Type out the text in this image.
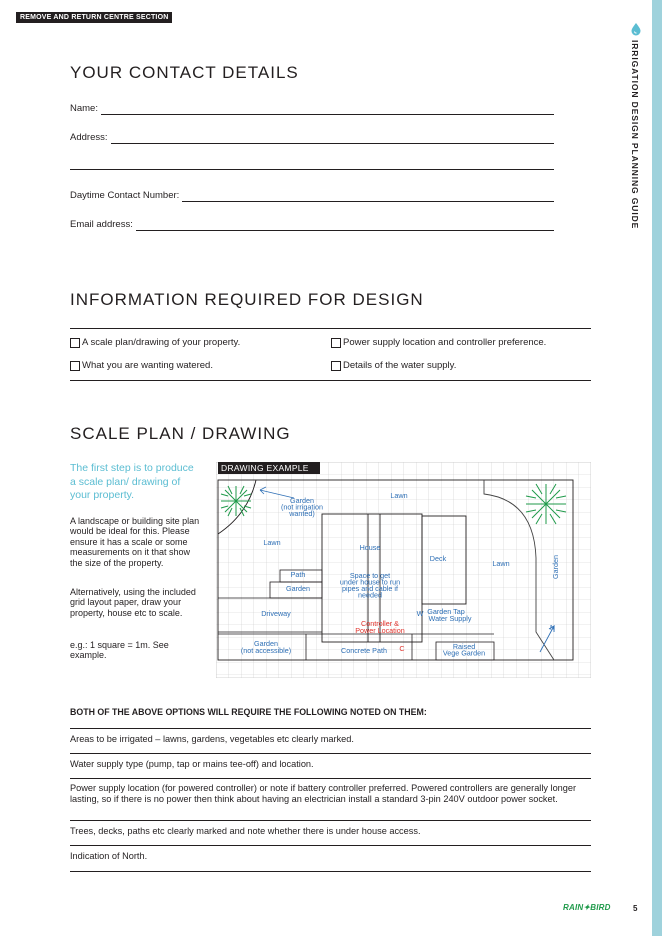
REMOVE AND RETURN CENTRE SECTION
IRRIGATION DESIGN PLANNING GUIDE
YOUR CONTACT DETAILS
Name:
Address:
Daytime Contact Number:
Email address:
INFORMATION REQUIRED FOR DESIGN
A scale plan/drawing of your property.	Power supply location and controller preference.
What you are wanting watered.	Details of the water supply.
SCALE PLAN / DRAWING
The first step is to produce a scale plan/ drawing of your property.
A landscape or building site plan would be ideal for this. Please ensure it has a scale or some measurements on it that show the size of the property.
Alternatively, using the included grid layout paper, draw your property, house etc to scale.
e.g.: 1 square = 1m. See example.
DRAWING EXAMPLE
N
Garden (not irrigation wanted)
Lawn
Lawn
House
Deck
Lawn	Garden
Path
Garden
Space to get under house to run pipes and cable if needed
Driveway	W Garden Tap Water Supply
Garden (not accessible)	Concrete Path	Raised Vege Garden
Controller & Power Location
C
BOTH OF THE ABOVE OPTIONS WILL REQUIRE THE FOLLOWING NOTED ON THEM:
Areas to be irrigated – lawns, gardens, vegetables etc clearly marked.
Water supply type (pump, tap or mains tee-off) and location.
Power supply location (for powered controller) or note if battery controller preferred. Powered controllers are generally longer lasting, so if there is no power then think about having an electrician install a standard 3-pin 240V outdoor power socket.
Trees, decks, paths etc clearly marked and note whether there is under house access.
Indication of North.
RAIN✦BIRD	5
